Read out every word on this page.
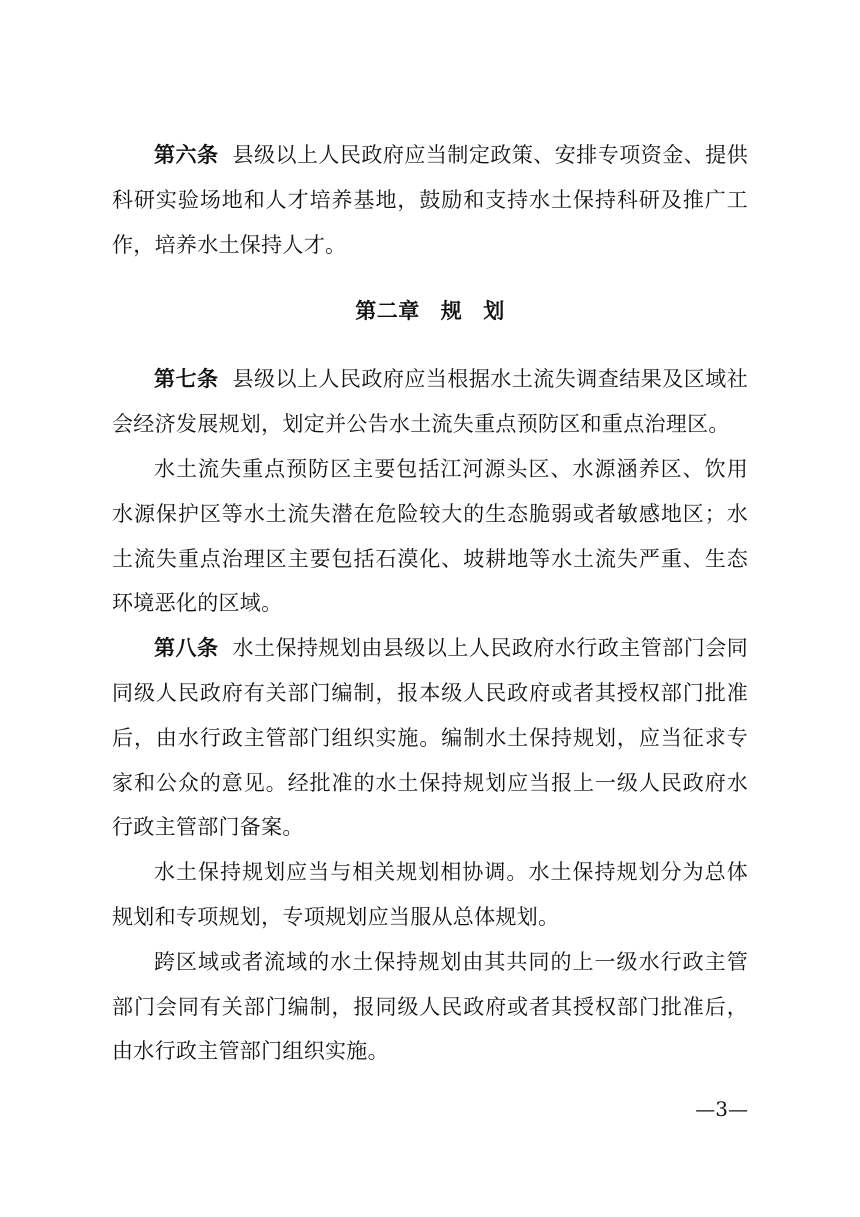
第六条 县级以上人民政府应当制定政策、安排专项资金、提供科研实验场地和人才培养基地，鼓励和支持水土保持科研及推广工作，培养水土保持人才。

第二章 规 划

第七条 县级以上人民政府应当根据水土流失调查结果及区域社会经济发展规划，划定并公告水土流失重点预防区和重点治理区。

水土流失重点预防区主要包括江河源头区、水源涵养区、饮用水源保护区等水土流失潜在危险较大的生态脆弱或者敏感地区；水土流失重点治理区主要包括石漠化、坡耕地等水土流失严重、生态环境恶化的区域。

第八条 水土保持规划由县级以上人民政府水行政主管部门会同同级人民政府有关部门编制，报本级人民政府或者其授权部门批准后，由水行政主管部门组织实施。编制水土保持规划，应当征求专家和公众的意见。经批准的水土保持规划应当报上一级人民政府水行政主管部门备案。

水土保持规划应当与相关规划相协调。水土保持规划分为总体规划和专项规划，专项规划应当服从总体规划。

跨区域或者流域的水土保持规划由其共同的上一级水行政主管部门会同有关部门编制，报同级人民政府或者其授权部门批准后，由水行政主管部门组织实施。

—3—
